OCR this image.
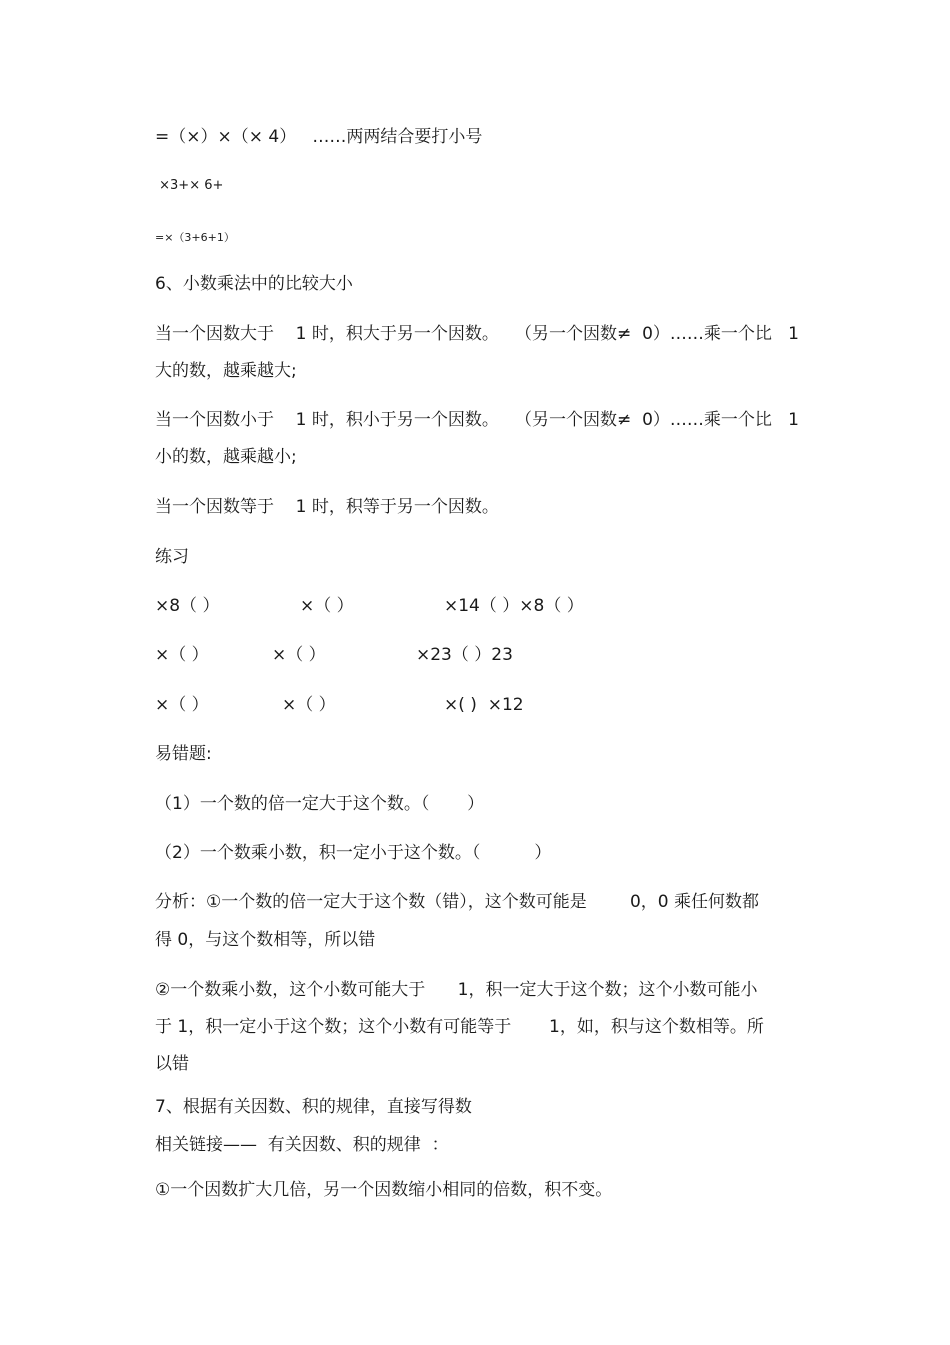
=（×）×（× 4）   ……两两结合要打小号
×3+× 6+
=×（3+6+1）
6、小数乘法中的比较大小
当一个因数大于    1 时，积大于另一个因数。   （另一个因数≠  0）……乘一个比   1
大的数，越乘越大;
当一个因数小于    1 时，积小于另一个因数。   （另一个因数≠  0）……乘一个比   1
小的数，越乘越小;
当一个因数等于    1 时，积等于另一个因数。
练习
×8（ ）	×（ ）	×14（ ）×8（ ）
×（ ）	×（ ）	×23（ ）23
×（ ）	×（ ）	×( )  ×12
易错题:
（1）一个数的倍一定大于这个数。（       ）
（2）一个数乘小数，积一定小于这个数。（          ）
分析：①一个数的倍一定大于这个数（错），这个数可能是        0，0 乘任何数都
得 0，与这个数相等，所以错
②一个数乘小数，这个小数可能大于      1，积一定大于这个数；这个小数可能小
于 1，积一定小于这个数；这个小数有可能等于       1，如，积与这个数相等。所
以错
7、根据有关因数、积的规律，直接写得数
相关链接——  有关因数、积的规律  ：
①一个因数扩大几倍，另一个因数缩小相同的倍数，积不变。
